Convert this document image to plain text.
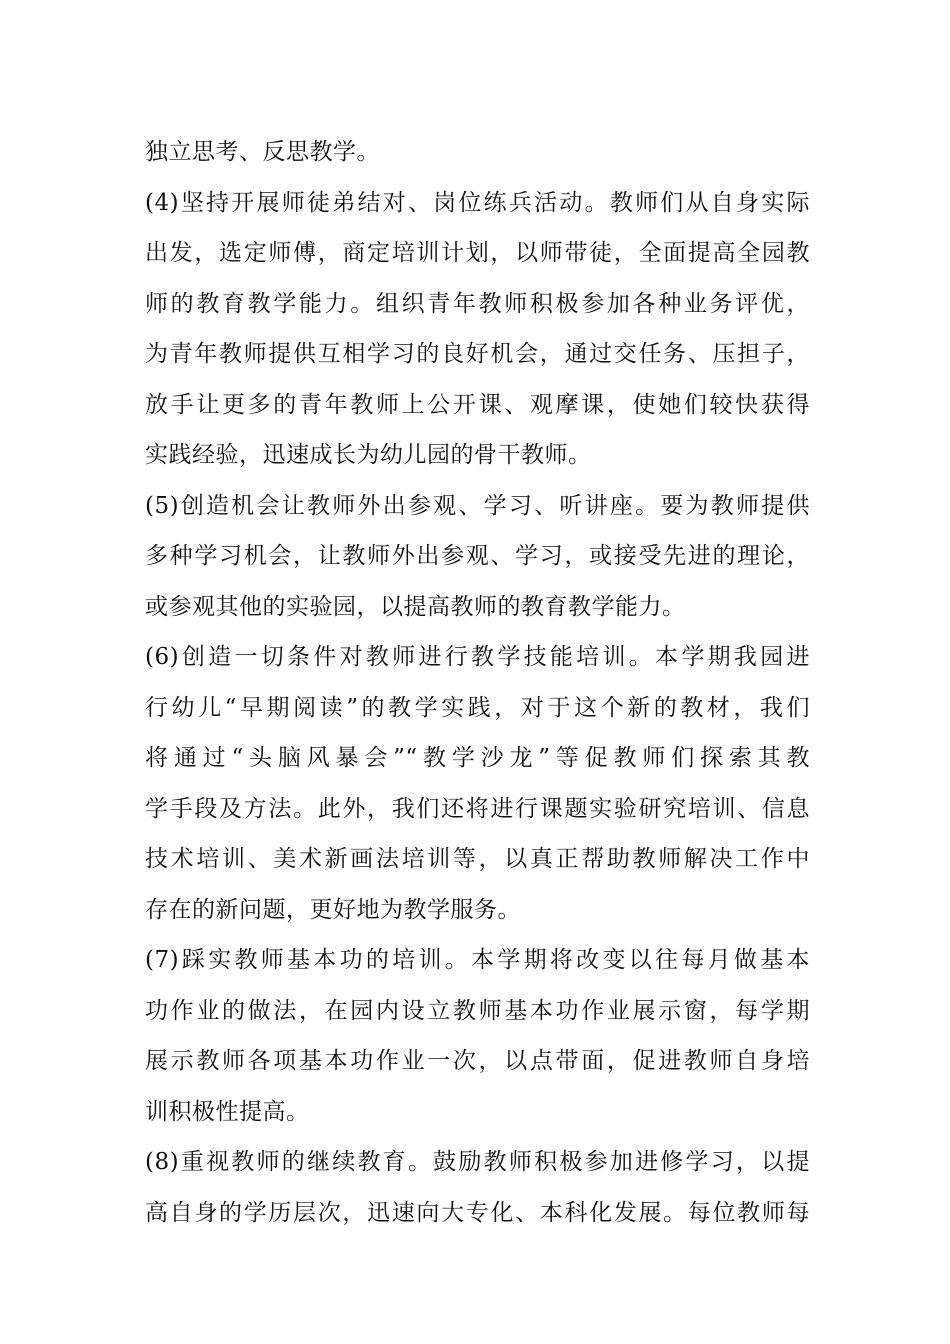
独立思考、反思教学。
(4)坚持开展师徒弟结对、岗位练兵活动。教师们从自身实际
出发，选定师傅，商定培训计划，以师带徒，全面提高全园教
师的教育教学能力。组织青年教师积极参加各种业务评优，
为青年教师提供互相学习的良好机会，通过交任务、压担子，
放手让更多的青年教师上公开课、观摩课，使她们较快获得
实践经验，迅速成长为幼儿园的骨干教师。
(5)创造机会让教师外出参观、学习、听讲座。要为教师提供
多种学习机会，让教师外出参观、学习，或接受先进的理论，
或参观其他的实验园，以提高教师的教育教学能力。
(6)创造一切条件对教师进行教学技能培训。本学期我园进
行幼儿“早期阅读”的教学实践，对于这个新的教材，我们
将通过“头脑风暴会”“教学沙龙”等促教师们探索其教
学手段及方法。此外，我们还将进行课题实验研究培训、信息
技术培训、美术新画法培训等，以真正帮助教师解决工作中
存在的新问题，更好地为教学服务。
(7)踩实教师基本功的培训。本学期将改变以往每月做基本
功作业的做法，在园内设立教师基本功作业展示窗，每学期
展示教师各项基本功作业一次，以点带面，促进教师自身培
训积极性提高。
(8)重视教师的继续教育。鼓励教师积极参加进修学习，以提
高自身的学历层次，迅速向大专化、本科化发展。每位教师每
